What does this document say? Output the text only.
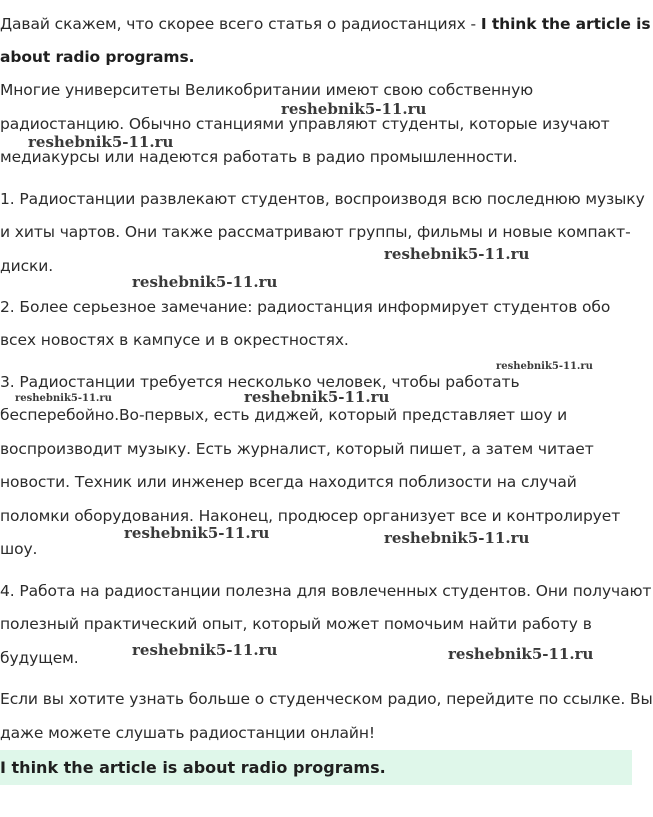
Давай скажем, что скорее всего статья о радиостанциях - I think the article is
about radio programs.
Многие университеты Великобритании имеют свою собственную
радиостанцию. Обычно станциями управляют студенты, которые изучают
медиакурсы или надеются работать в радио промышленности.
1. Радиостанции развлекают студентов, воспроизводя всю последнюю музыку
и хиты чартов. Они также рассматривают группы, фильмы и новые компакт-
диски.
2. Более серьезное замечание: радиостанция информирует студентов обо
всех новостях в кампусе и в окрестностях.
3. Радиостанции требуется несколько человек, чтобы работать
бесперебойно.Во-первых, есть диджей, который представляет шоу и
воспроизводит музыку. Есть журналист, который пишет, а затем читает
новости. Техник или инженер всегда находится поблизости на случай
поломки оборудования. Наконец, продюсер организует все и контролирует
шоу.
4. Работа на радиостанции полезна для вовлеченных студентов. Они получают
полезный практический опыт, который может помочьим найти работу в
будущем.
Если вы хотите узнать больше о студенческом радио, перейдите по ссылке. Вы
даже можете слушать радиостанции онлайн!
I think the article is about radio programs.
reshebnik5-11.ru
reshebnik5-11.ru
reshebnik5-11.ru
reshebnik5-11.ru
reshebnik5-11.ru
reshebnik5-11.ru	reshebnik5-11.ru
reshebnik5-11.ru	reshebnik5-11.ru
reshebnik5-11.ru	reshebnik5-11.ru
